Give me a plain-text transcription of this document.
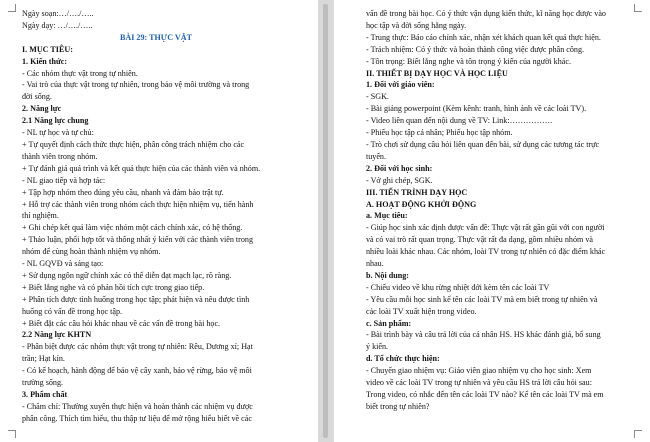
Ngày soạn:…/…./…..
Ngày dạy: …/…./…..
BÀI 29: THỰC VẬT
I. MỤC TIÊU:
1. Kiến thức:
- Các nhóm thực vật trong tự nhiên.
- Vai trò của thực vật trong tự nhiên, trong bảo vệ môi trường và trong
đời sống.
2. Năng lực
2.1 Năng lực chung
- NL tự học và tự chủ:
+ Tự quyết định cách thức thực hiện, phân công trách nhiệm cho các
thành viên trong nhóm.
+ Tự đánh giá quá trình và kết quả thực hiện của các thành viên và nhóm.
- NL giao tiếp và hợp tác:
+ Tập hợp nhóm theo đúng yêu cầu, nhanh và đảm bảo trật tự.
+ Hỗ trợ các thành viên trong nhóm cách thực hiện nhiệm vụ, tiến hành
thí nghiệm.
+ Ghi chép kết quả làm việc nhóm một cách chính xác, có hệ thống.
+ Thảo luận, phối hợp tốt và thống nhất ý kiến với các thành viên trong
nhóm để cùng hoàn thành nhiệm vụ nhóm.
- NL GQVĐ và sáng tạo:
+ Sử dụng ngôn ngữ chính xác có thể diễn đạt mạch lạc, rõ ràng.
+ Biết lắng nghe và có phản hồi tích cực trong giao tiếp.
+ Phân tích được tình huống trong học tập; phát hiện và nêu được tình
huống có vấn đề trong học tập.
+ Biết đặt các câu hỏi khác nhau về các vấn đề trong bài học.
2.2 Năng lực KHTN
- Phân biệt được các nhóm thực vật trong tự nhiên: Rêu, Dương xỉ; Hạt
trần; Hạt kín.
- Có kế hoạch, hành động để bảo vệ cây xanh, bảo vệ rừng, bảo vệ môi
trường sống.
3. Phẩm chất
- Chăm chỉ: Thường xuyên thực hiện và hoàn thành các nhiệm vụ được
phân công. Thích tìm hiểu, thu thập tư liệu để mở rộng hiểu biết về các
vấn đề trong bài học. Có ý thức vận dụng kiến thức, kĩ năng học được vào
học tập và đời sống hằng ngày.
- Trung thực: Báo cáo chính xác, nhận xét khách quan kết quả thực hiện.
- Trách nhiệm: Có ý thức và hoàn thành công việc được phân công.
- Tôn trọng: Biết lắng nghe và tôn trọng ý kiến của người khác.
II. THIẾT BỊ DẠY HỌC VÀ HỌC LIỆU
1. Đối với giáo viên:
- SGK.
- Bài giảng powerpoint (Kèm kênh: tranh, hình ảnh về các loài TV).
- Video liên quan đến nội dung về TV: Link:…………….
- Phiếu học tập cá nhân; Phiếu học tập nhóm.
- Trò chơi sử dụng câu hỏi liên quan đến bài, sử dụng các tương tác trực
tuyến.
2. Đối với học sinh:
- Vở ghi chép, SGK.
III. TIẾN TRÌNH DẠY HỌC
A. HOẠT ĐỘNG KHỞI ĐỘNG
a. Mục tiêu:
- Giúp học sinh xác định được vấn đề: Thực vật rất gần gũi với con người
và có vai trò rất quan trọng. Thực vật rất đa dạng, gồm nhiều nhóm và
nhiều loài khác nhau. Các nhóm, loài TV trong tự nhiên có đặc điểm khác
nhau.
b. Nội dung:
- Chiếu video về khu rừng nhiệt đới kèm tên các loài TV
- Yêu cầu mỗi học sinh kể tên các loài TV mà em biết trong tự nhiên và
các loài TV xuất hiện trong video.
c. Sản phẩm:
- Bài trình bày và câu trả lời của cá nhân HS. HS khác đánh giá, bổ sung
ý kiến.
d. Tổ chức thực hiện:
- Chuyển giao nhiệm vụ: Giáo viên giao nhiệm vụ cho học sinh: Xem
video về các loài TV trong tự nhiên và yêu cầu HS trả lời câu hỏi sau:
Trong video, có nhắc đến tên các loài TV nào? Kể tên các loài TV mà em
biết trong tự nhiên?
